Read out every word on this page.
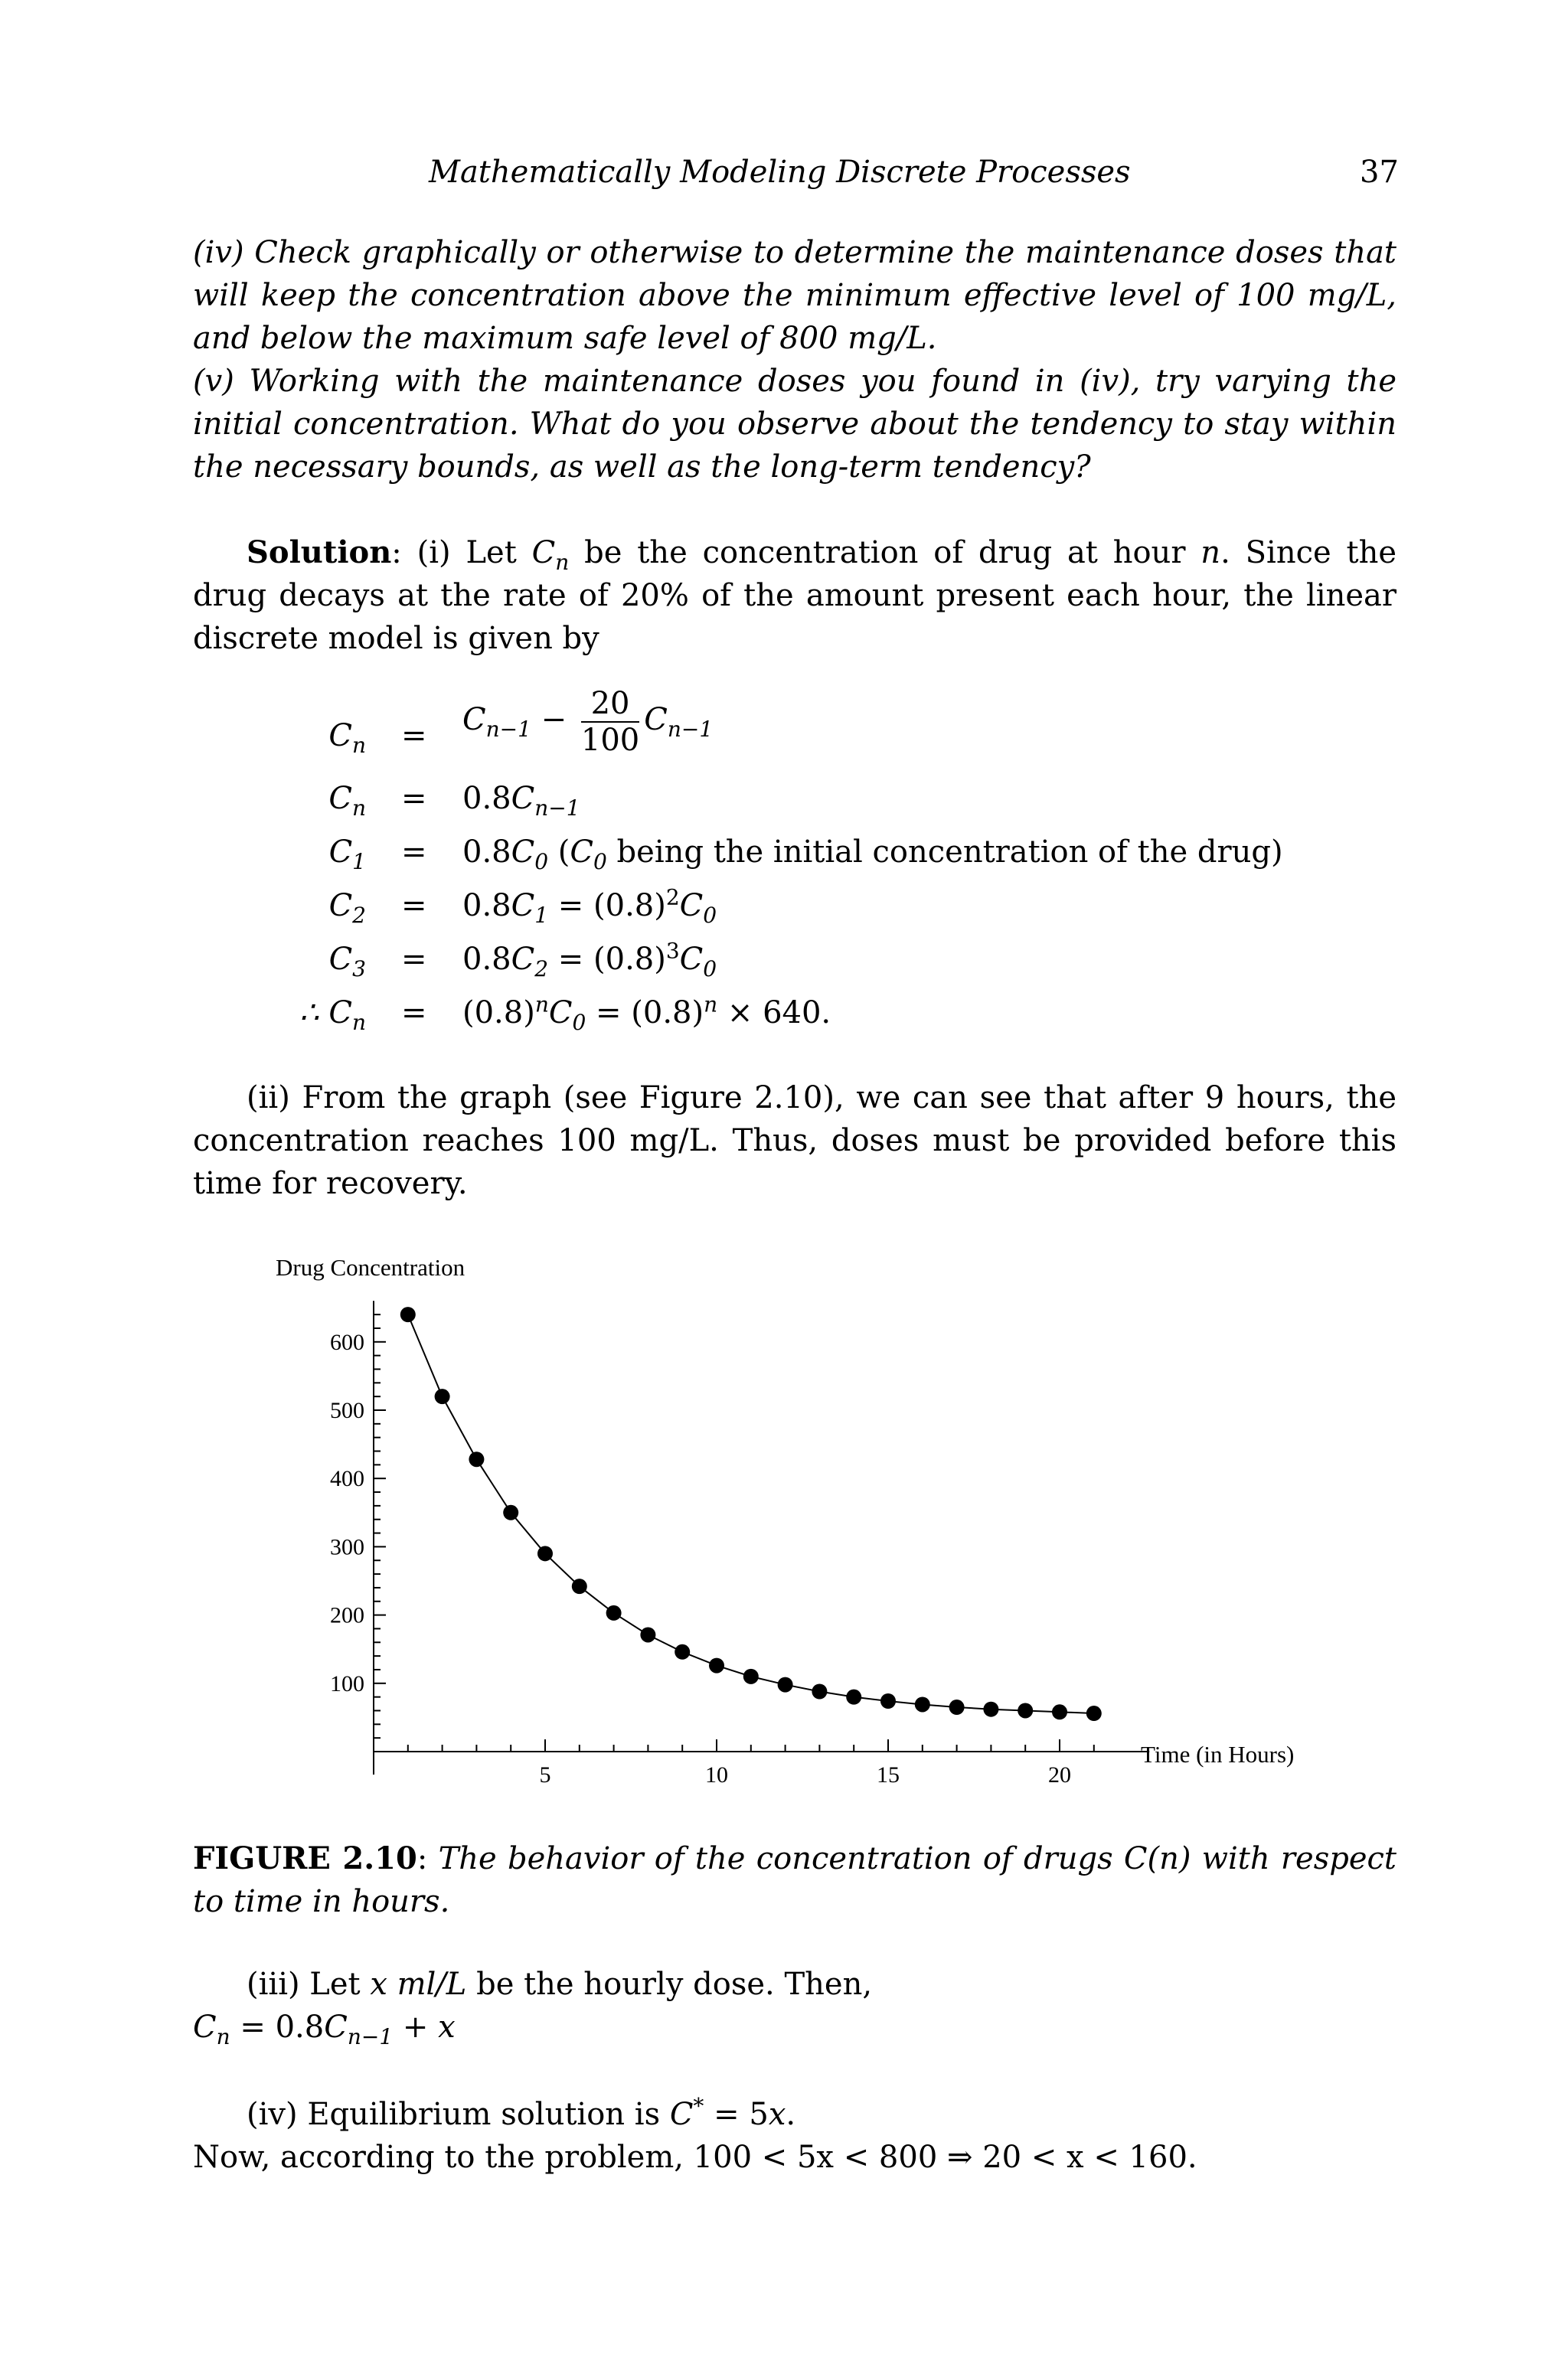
Mathematically Modeling Discrete Processes	37

(iv) Check graphically or otherwise to determine the maintenance doses that will keep the concentration above the minimum effective level of 100 mg/L, and below the maximum safe level of 800 mg/L.

(v) Working with the maintenance doses you found in (iv), try varying the initial concentration. What do you observe about the tendency to stay within the necessary bounds, as well as the long-term tendency?

Solution: (i) Let $C_n$ be the concentration of drug at hour n. Since the drug decays at the rate of 20% of the amount present each hour, the linear discrete model is given by
$C_n = C_{n-1} - \frac{20}{100} C_{n-1}$
$C_n = 0.8C_{n-1}$
$C_1 = 0.8C_0$ ($C_0$ being the initial concentration of the drug)
$C_2 = 0.8C_1 = (0.8)^2C_0$
$C_3 = 0.8C_2 = (0.8)^3C_0$
∴ $C_n = (0.8)^nC_0 = (0.8)^n \times 640$.
(ii) From the graph (see Figure 2.10), we can see that after 9 hours, the concentration reaches 100 mg/L. Thus, doses must be provided before this time for recovery.
Drug Concentration
Time (in Hours)
5	10	15	20
100
200
300
400
500
600
FIGURE 2.10: The behavior of the concentration of drugs C(n) with respect to time in hours.
(iii) Let x ml/L be the hourly dose. Then,
$C_n = 0.8C_{n-1} + x$
(iv) Equilibrium solution is C* = 5x.
Now, according to the problem, 100 < 5x < 800 ⇒ 20 < x < 160.
